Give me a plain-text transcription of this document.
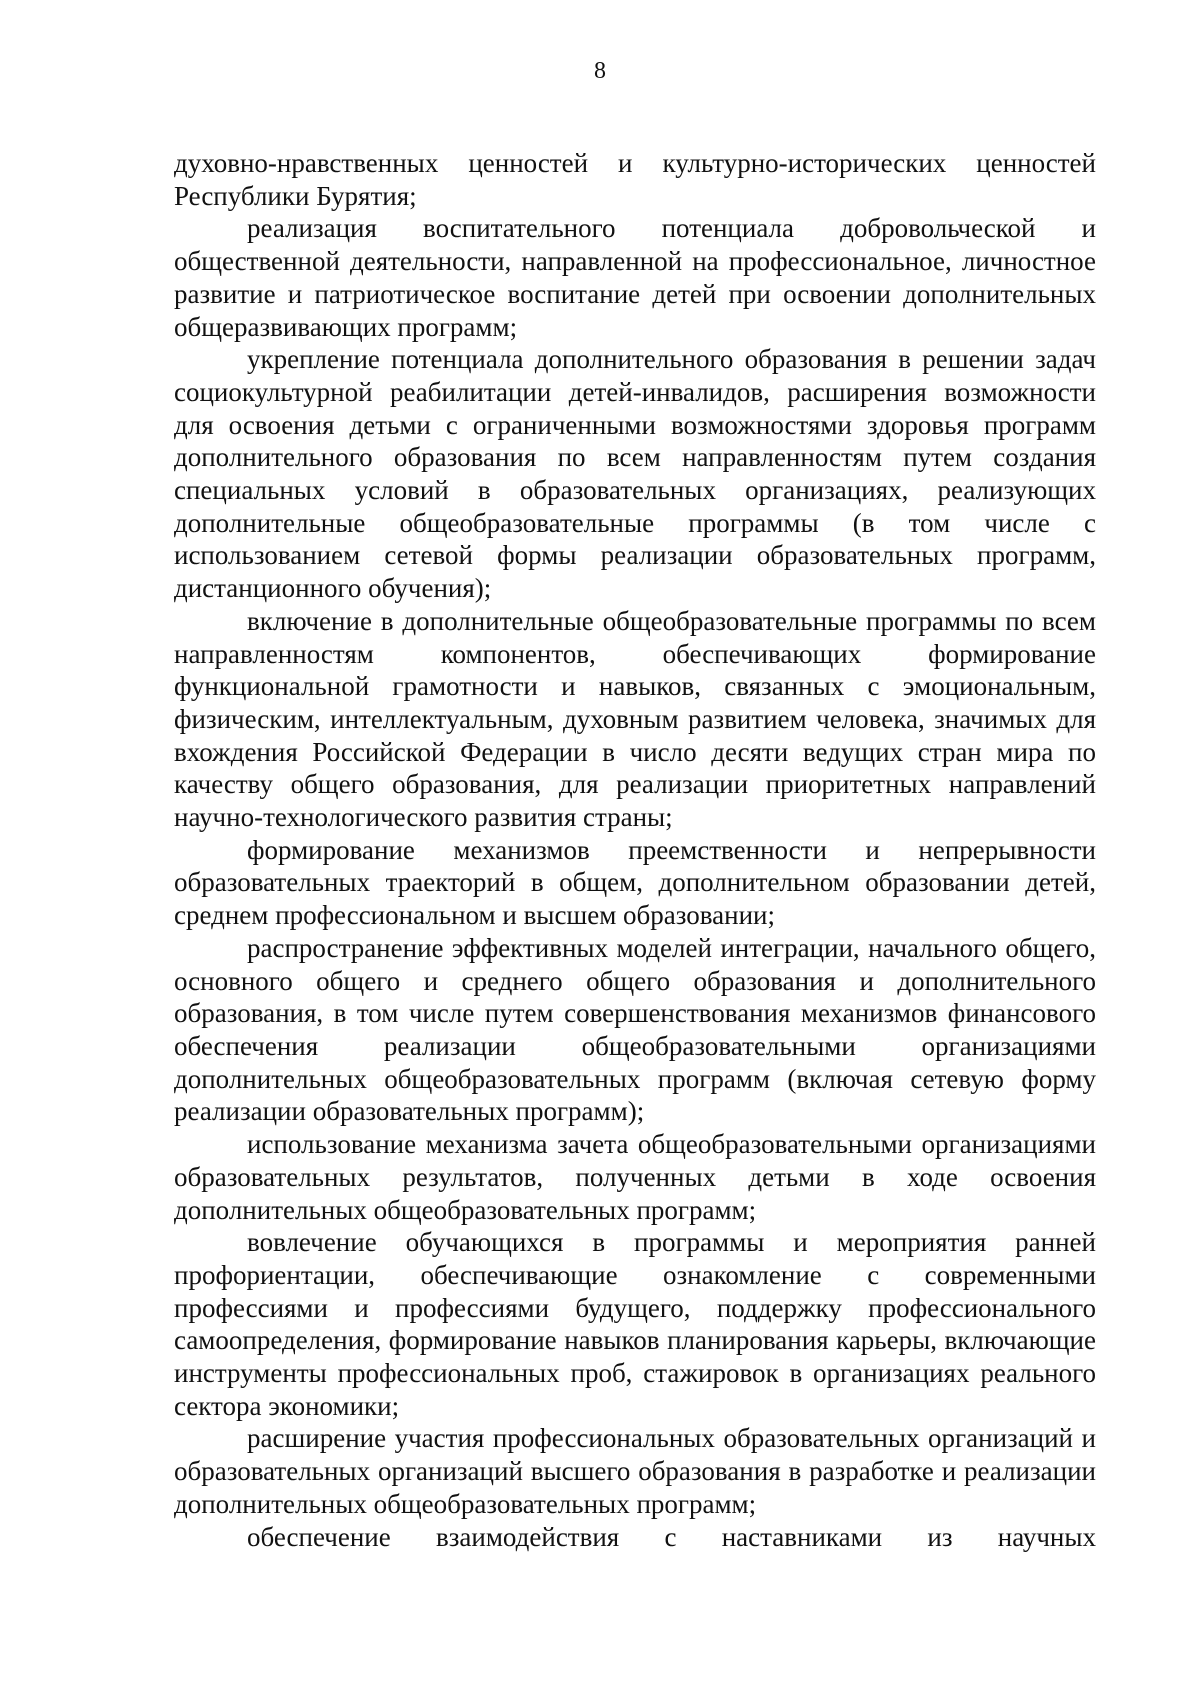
8

духовно-нравственных ценностей и культурно-исторических ценностей Республики Бурятия;

реализация воспитательного потенциала добровольческой и общественной деятельности, направленной на профессиональное, личностное развитие и патриотическое воспитание детей при освоении дополнительных общеразвивающих программ;

укрепление потенциала дополнительного образования в решении задач социокультурной реабилитации детей-инвалидов, расширения возможности для освоения детьми с ограниченными возможностями здоровья программ дополнительного образования по всем направленностям путем создания специальных условий в образовательных организациях, реализующих дополнительные общеобразовательные программы (в том числе с использованием сетевой формы реализации образовательных программ, дистанционного обучения);

включение в дополнительные общеобразовательные программы по всем направленностям компонентов, обеспечивающих формирование функциональной грамотности и навыков, связанных с эмоциональным, физическим, интеллектуальным, духовным развитием человека, значимых для вхождения Российской Федерации в число десяти ведущих стран мира по качеству общего образования, для реализации приоритетных направлений научно-технологического развития страны;

формирование механизмов преемственности и непрерывности образовательных траекторий в общем, дополнительном образовании детей, среднем профессиональном и высшем образовании;

распространение эффективных моделей интеграции, начального общего, основного общего и среднего общего образования и дополнительного образования, в том числе путем совершенствования механизмов финансового обеспечения реализации общеобразовательными организациями дополнительных общеобразовательных программ (включая сетевую форму реализации образовательных программ);

использование механизма зачета общеобразовательными организациями образовательных результатов, полученных детьми в ходе освоения дополнительных общеобразовательных программ;

вовлечение обучающихся в программы и мероприятия ранней профориентации, обеспечивающие ознакомление с современными профессиями и профессиями будущего, поддержку профессионального самоопределения, формирование навыков планирования карьеры, включающие инструменты профессиональных проб, стажировок в организациях реального сектора экономики;

расширение участия профессиональных образовательных организаций и образовательных организаций высшего образования в разработке и реализации дополнительных общеобразовательных программ;

обеспечение взаимодействия с наставниками из научных
